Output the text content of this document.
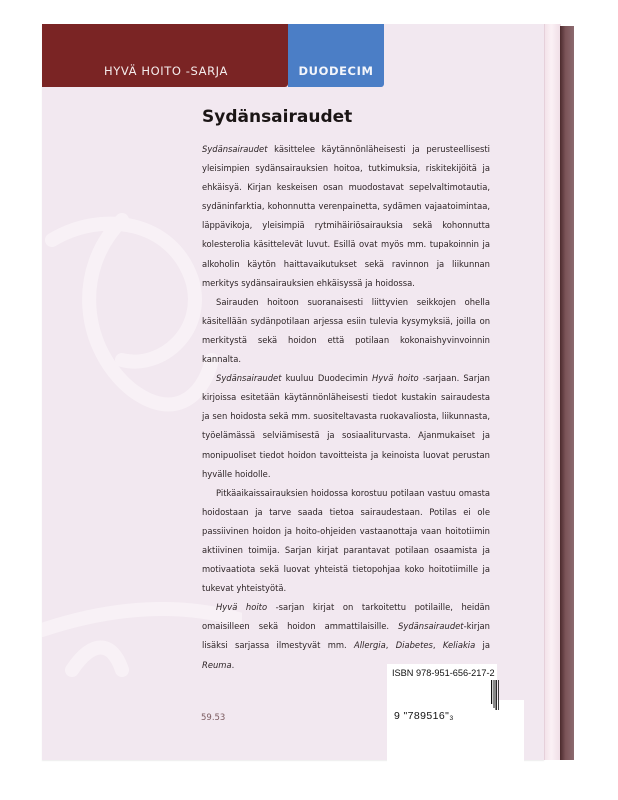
HYVÄ HOITO -SARJA	DUODECIM
Sydänsairaudet

Sydänsairaudet käsittelee käytännönläheisesti ja perusteellisesti yleisimpien sydänsairauksien hoitoa, tutkimuksia, riskitekijöitä ja ehkäisyä. Kirjan keskeisen osan muodostavat sepelvaltimotautia, sydäninfarktia, kohonnutta verenpainetta, sydämen vajaatoimintaa, läppävikoja, yleisimpiä rytmihäiriösairauksia sekä kohonnutta kolesterolia käsittelevät luvut. Esillä ovat myös mm. tupakoinnin ja alkoholin käytön haittavaikutukset sekä ravinnon ja liikunnan merkitys sydänsairauksien ehkäisyssä ja hoidossa.

Sairauden hoitoon suoranaisesti liittyvien seikkojen ohella käsitellään sydänpotilaan arjessa esiin tulevia kysymyksiä, joilla on merkitystä sekä hoidon että potilaan kokonaishyvinvoinnin kannalta.

Sydänsairaudet kuuluu Duodecimin Hyvä hoito -sarjaan. Sarjan kirjoissa esitetään käytännönläheisesti tiedot kustakin sairaudesta ja sen hoidosta sekä mm. suositeltavasta ruokavaliosta, liikunnasta, työelämässä selviämisestä ja sosiaaliturvasta. Ajanmukaiset ja monipuoliset tiedot hoidon tavoitteista ja keinoista luovat perustan hyvälle hoidolle.

Pitkäaikaissairauksien hoidossa korostuu potilaan vastuu omasta hoidostaan ja tarve saada tietoa sairaudestaan. Potilas ei ole passiivinen hoidon ja hoito-ohjeiden vastaanottaja vaan hoitotiimin aktiivinen toimija. Sarjan kirjat parantavat potilaan osaamista ja motivaatiota sekä luovat yhteistä tietopohjaa koko hoitotiimille ja tukevat yhteistyötä.

Hyvä hoito -sarjan kirjat on tarkoitettu potilaille, heidän omaisilleen sekä hoidon ammattilaisille. Sydänsairaudet-kirjan lisäksi sarjassa ilmestyvät mm. Allergia, Diabetes, Keliakia ja Reuma.

59.53
ISBN 978-951-656-217-2
9 "789516"₃
